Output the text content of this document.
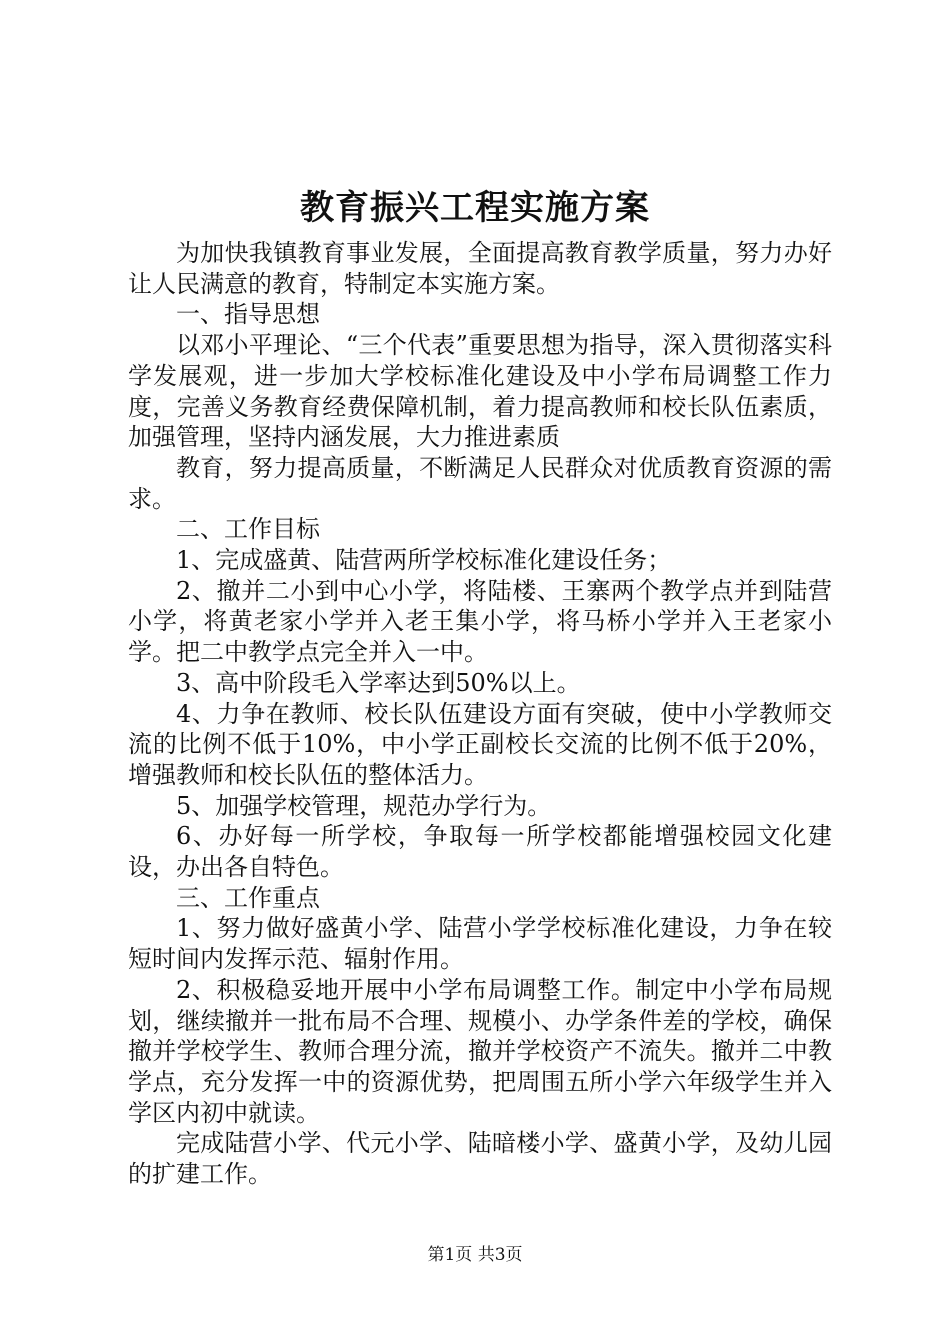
教育振兴工程实施方案

为加快我镇教育事业发展，全面提高教育教学质量，努力办好让人民满意的教育，特制定本实施方案。

一、指导思想

以邓小平理论、“三个代表”重要思想为指导，深入贯彻落实科学发展观，进一步加大学校标准化建设及中小学布局调整工作力度，完善义务教育经费保障机制，着力提高教师和校长队伍素质，加强管理，坚持内涵发展，大力推进素质

教育，努力提高质量，不断满足人民群众对优质教育资源的需求。

二、工作目标

1、完成盛黄、陆营两所学校标准化建设任务；

2、撤并二小到中心小学，将陆楼、王寨两个教学点并到陆营小学，将黄老家小学并入老王集小学，将马桥小学并入王老家小学。把二中教学点完全并入一中。

3、高中阶段毛入学率达到50%以上。

4、力争在教师、校长队伍建设方面有突破，使中小学教师交流的比例不低于10%，中小学正副校长交流的比例不低于20%，增强教师和校长队伍的整体活力。

5、加强学校管理，规范办学行为。

6、办好每一所学校，争取每一所学校都能增强校园文化建设，办出各自特色。

三、工作重点

1、努力做好盛黄小学、陆营小学学校标准化建设，力争在较短时间内发挥示范、辐射作用。

2、积极稳妥地开展中小学布局调整工作。制定中小学布局规划，继续撤并一批布局不合理、规模小、办学条件差的学校，确保撤并学校学生、教师合理分流，撤并学校资产不流失。撤并二中教学点，充分发挥一中的资源优势，把周围五所小学六年级学生并入学区内初中就读。

完成陆营小学、代元小学、陆暗楼小学、盛黄小学，及幼儿园的扩建工作。

第1页 共3页
